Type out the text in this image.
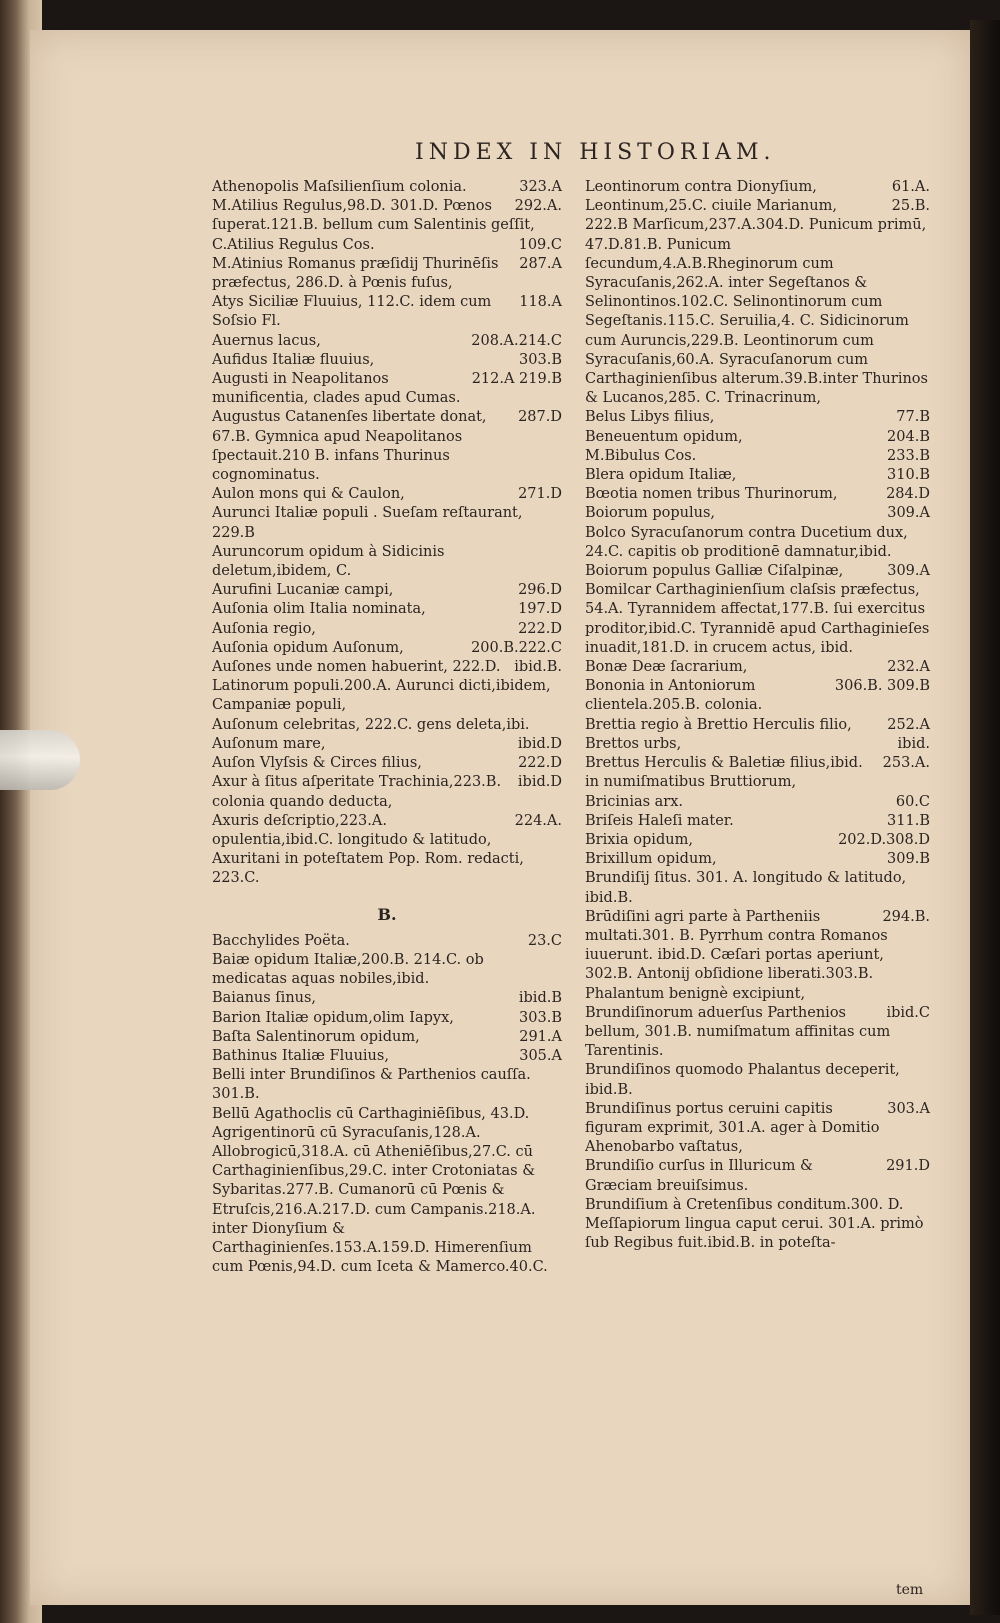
INDEX IN HISTORIAM.
323.A
Athenopolis Maſsilienſium colonia.
292.A.
M.Atilius Regulus,98.D. 301.D. Pœnos ſuperat.121.B. bellum cum Salentinis geſſit,
109.C
C.Atilius Regulus Cos.
287.A
M.Atinius Romanus præſidij Thurinēſis præfectus, 286.D. à Pœnis fuſus,
118.A
Atys Siciliæ Fluuius, 112.C. idem cum Soſsio Fl.
208.A.214.C
Auernus lacus,
303.B
Aufidus Italiæ fluuius,
212.A 219.B
Augusti in Neapolitanos munificentia, clades apud Cumas.
287.D
Augustus Catanenſes libertate donat, 67.B. Gymnica apud Neapolitanos ſpectauit.210 B. infans Thurinus cognominatus.
271.D
Aulon mons qui & Caulon,
Aurunci Italiæ populi . Sueſam reſtaurant, 229.B
Auruncorum opidum à Sidicinis deletum,ibidem, C.
296.D
Aurufini Lucaniæ campi,
197.D
Auſonia olim Italia nominata,
222.D
Auſonia regio,
200.B.222.C
Auſonia opidum Auſonum,
ibid.B.
Auſones unde nomen habuerint, 222.D. Latinorum populi.200.A. Aurunci dicti,ibidem, Campaniæ populi,
Auſonum celebritas, 222.C. gens deleta,ibi.
ibid.D
Auſonum mare,
222.D
Auſon Vlyſsis & Circes filius,
ibid.D
Axur à ſitus aſperitate Trachinia,223.B. colonia quando deducta,
224.A.
Axuris deſcriptio,223.A. opulentia,ibid.C. longitudo & latitudo,
Axuritani in poteſtatem Pop. Rom. redacti, 223.C.
B.
23.C
Bacchylides Poëta.
Baiæ opidum Italiæ,200.B. 214.C. ob medicatas aquas nobiles,ibid.
ibid.B
Baianus ſinus,
303.B
Barion Italiæ opidum,olim Iapyx,
291.A
Baſta Salentinorum opidum,
305.A
Bathinus Italiæ Fluuius,
Belli inter Brundiſinos & Parthenios cauſſa. 301.B.
Bellū Agathoclis cū Carthaginiēſibus, 43.D. Agrigentinorū cū Syracuſanis,128.A. Allobrogicū,318.A. cū Atheniēſibus,27.C. cū Carthaginienſibus,29.C. inter Crotoniatas & Sybaritas.277.B. Cumanorū cū Pœnis & Etruſcis,216.A.217.D. cum Campanis.218.A. inter Dionyſium & Carthaginienſes.153.A.159.D. Himerenſium cum Pœnis,94.D. cum Iceta & Mamerco.40.C.
61.A.
Leontinorum contra Dionyſium,
25.B.
Leontinum,25.C. ciuile Marianum, 222.B Marſicum,237.A.304.D. Punicum primū, 47.D.81.B. Punicum ſecundum,4.A.B.Rheginorum cum Syracuſanis,262.A. inter Segeſtanos & Selinontinos.102.C. Selinontinorum cum Segeſtanis.115.C. Seruilia,4. C. Sidicinorum cum Auruncis,229.B. Leontinorum cum Syracuſanis,60.A. Syracuſanorum cum Carthaginienſibus alterum.39.B.inter Thurinos & Lucanos,285. C. Trinacrinum,
77.B
Belus Libys filius,
204.B
Beneuentum opidum,
233.B
M.Bibulus Cos.
310.B
Blera opidum Italiæ,
284.D
Bœotia nomen tribus Thurinorum,
309.A
Boiorum populus,
Bolco Syracuſanorum contra Ducetium dux, 24.C. capitis ob proditionē damnatur,ibid.
309.A
Boiorum populus Galliæ Ciſalpinæ,
Bomilcar Carthaginienſium claſsis præfectus, 54.A. Tyrannidem affectat,177.B. ſui exercitus proditor,ibid.C. Tyrannidē apud Carthaginieſes inuadit,181.D. in crucem actus, ibid.
232.A
Bonæ Deæ ſacrarium,
306.B. 309.B
Bononia in Antoniorum clientela.205.B. colonia.
252.A
Brettia regio à Brettio Herculis filio,
ibid.
Brettos urbs,
253.A.
Brettus Herculis & Baletiæ filius,ibid. in numiſmatibus Bruttiorum,
60.C
Bricinias arx.
311.B
Briſeis Haleſi mater.
202.D.308.D
Brixia opidum,
309.B
Brixillum opidum,
Brundiſij ſitus. 301. A. longitudo & latitudo, ibid.B.
294.B.
Brūdiſini agri parte à Partheniis multati.301. B. Pyrrhum contra Romanos iuuerunt. ibid.D. Cæſari portas aperiunt, 302.B. Antonij obſidione liberati.303.B. Phalantum benignè excipiunt,
ibid.C
Brundiſinorum aduerſus Parthenios bellum, 301.B. numiſmatum affinitas cum Tarentinis.
Brundiſinos quomodo Phalantus deceperit, ibid.B.
303.A
Brundiſinus portus ceruini capitis figuram exprimit, 301.A. ager à Domitio Ahenobarbo vaſtatus,
291.D
Brundiſio curſus in Illuricum & Græciam breuiſsimus.
Brundiſium à Cretenſibus conditum.300. D. Meſſapiorum lingua caput cerui. 301.A. primò ſub Regibus fuit.ibid.B. in poteſta-
tem
